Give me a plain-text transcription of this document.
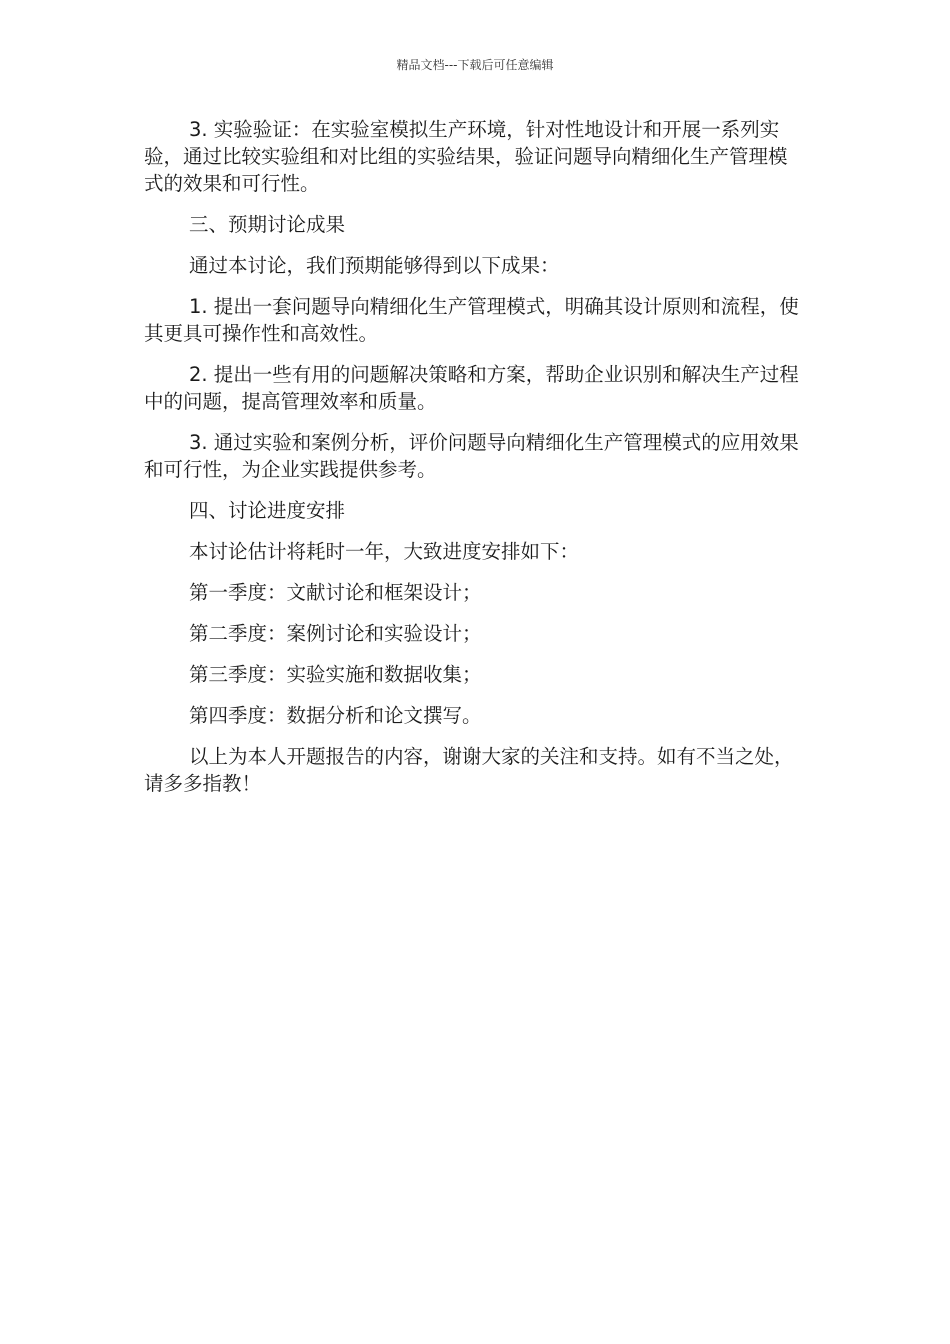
精品文档---下载后可任意编辑

3. 实验验证：在实验室模拟生产环境，针对性地设计和开展一系列实验，通过比较实验组和对比组的实验结果，验证问题导向精细化生产管理模式的效果和可行性。

三、预期讨论成果

通过本讨论，我们预期能够得到以下成果：

1. 提出一套问题导向精细化生产管理模式，明确其设计原则和流程，使其更具可操作性和高效性。

2. 提出一些有用的问题解决策略和方案，帮助企业识别和解决生产过程中的问题，提高管理效率和质量。

3. 通过实验和案例分析，评价问题导向精细化生产管理模式的应用效果和可行性，为企业实践提供参考。

四、讨论进度安排

本讨论估计将耗时一年，大致进度安排如下：

第一季度：文献讨论和框架设计；

第二季度：案例讨论和实验设计；

第三季度：实验实施和数据收集；

第四季度：数据分析和论文撰写。

以上为本人开题报告的内容，谢谢大家的关注和支持。如有不当之处，请多多指教！
